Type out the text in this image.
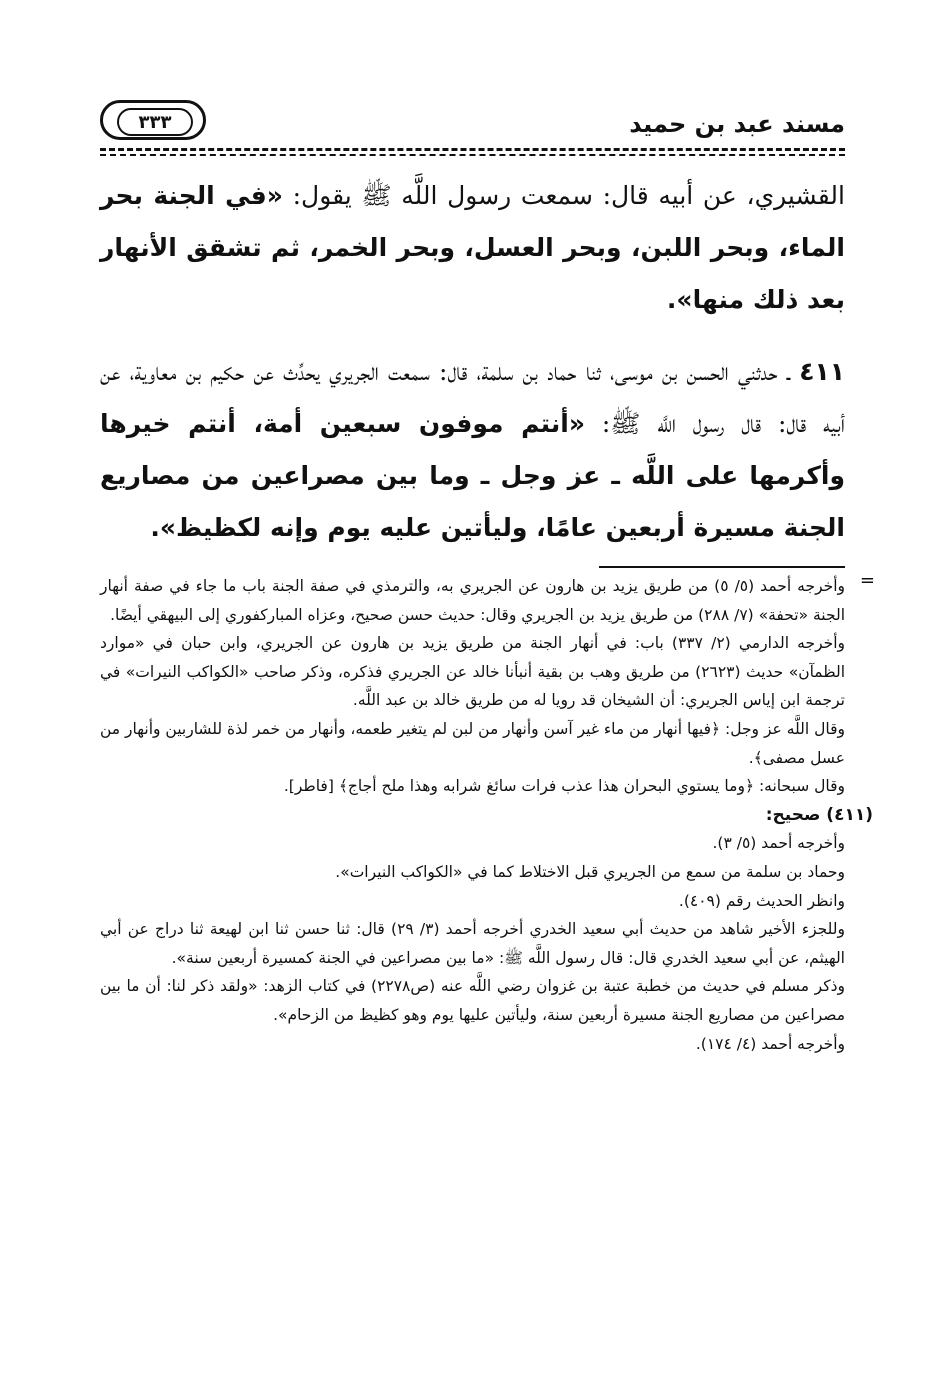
مسند عبد بن حميد
٣٣٣

القشيري، عن أبيه قال: سمعت رسول اللَّه ﷺ يقول: «في الجنة بحر الماء، وبحر اللبن، وبحر العسل، وبحر الخمر، ثم تشقق الأنهار بعد ذلك منها».

٤١١ ـ حدثني الحسن بن موسى، ثنا حماد بن سلمة، قال: سمعت الجريري يحدِّث عن حكيم بن معاوية، عن أبيه قال: قال رسول اللَّه ﷺ: «أنتم موفون سبعين أمة، أنتم خيرها وأكرمها على اللَّه ـ عز وجل ـ وما بين مصراعين من مصاريع الجنة مسيرة أربعين عامًا، وليأتين عليه يوم وإنه لكظيظ».

=

وأخرجه أحمد (٥/ ٥) من طريق يزيد بن هارون عن الجريري به، والترمذي في صفة الجنة باب ما جاء في صفة أنهار الجنة «تحفة» (٧/ ٢٨٨) من طريق يزيد بن الجريري وقال: حديث حسن صحيح، وعزاه المباركفوري إلى البيهقي أيضًا.

وأخرجه الدارمي (٢/ ٣٣٧) باب: في أنهار الجنة من طريق يزيد بن هارون عن الجريري، وابن حبان في «موارد الظمآن» حديث (٢٦٢٣) من طريق وهب بن بقية أنبأنا خالد عن الجريري فذكره، وذكر صاحب «الكواكب النيرات» في ترجمة ابن إياس الجريري: أن الشيخان قد رويا له من طريق خالد بن عبد اللَّه.

وقال اللَّه عز وجل: ﴿فيها أنهار من ماء غير آسن وأنهار من لبن لم يتغير طعمه، وأنهار من خمر لذة للشاربين وأنهار من عسل مصفى﴾.

وقال سبحانه: ﴿وما يستوي البحران هذا عذب فرات سائغ شرابه وهذا ملح أجاج﴾ [فاطر].

(٤١١) صحيح:

وأخرجه أحمد (٥/ ٣).

وحماد بن سلمة من سمع من الجريري قبل الاختلاط كما في «الكواكب النيرات».

وانظر الحديث رقم (٤٠٩).

وللجزء الأخير شاهد من حديث أبي سعيد الخدري أخرجه أحمد (٣/ ٢٩) قال: ثنا حسن ثنا ابن لهيعة ثنا دراج عن أبي الهيثم، عن أبي سعيد الخدري قال: قال رسول اللَّه ﷺ: «ما بين مصراعين في الجنة كمسيرة أربعين سنة».

وذكر مسلم في حديث من خطبة عتبة بن غزوان رضي اللَّه عنه (ص٢٢٧٨) في كتاب الزهد: «ولقد ذكر لنا: أن ما بين مصراعين من مصاريع الجنة مسيرة أربعين سنة، وليأتين عليها يوم وهو كظيظ من الزحام».

وأخرجه أحمد (٤/ ١٧٤).
